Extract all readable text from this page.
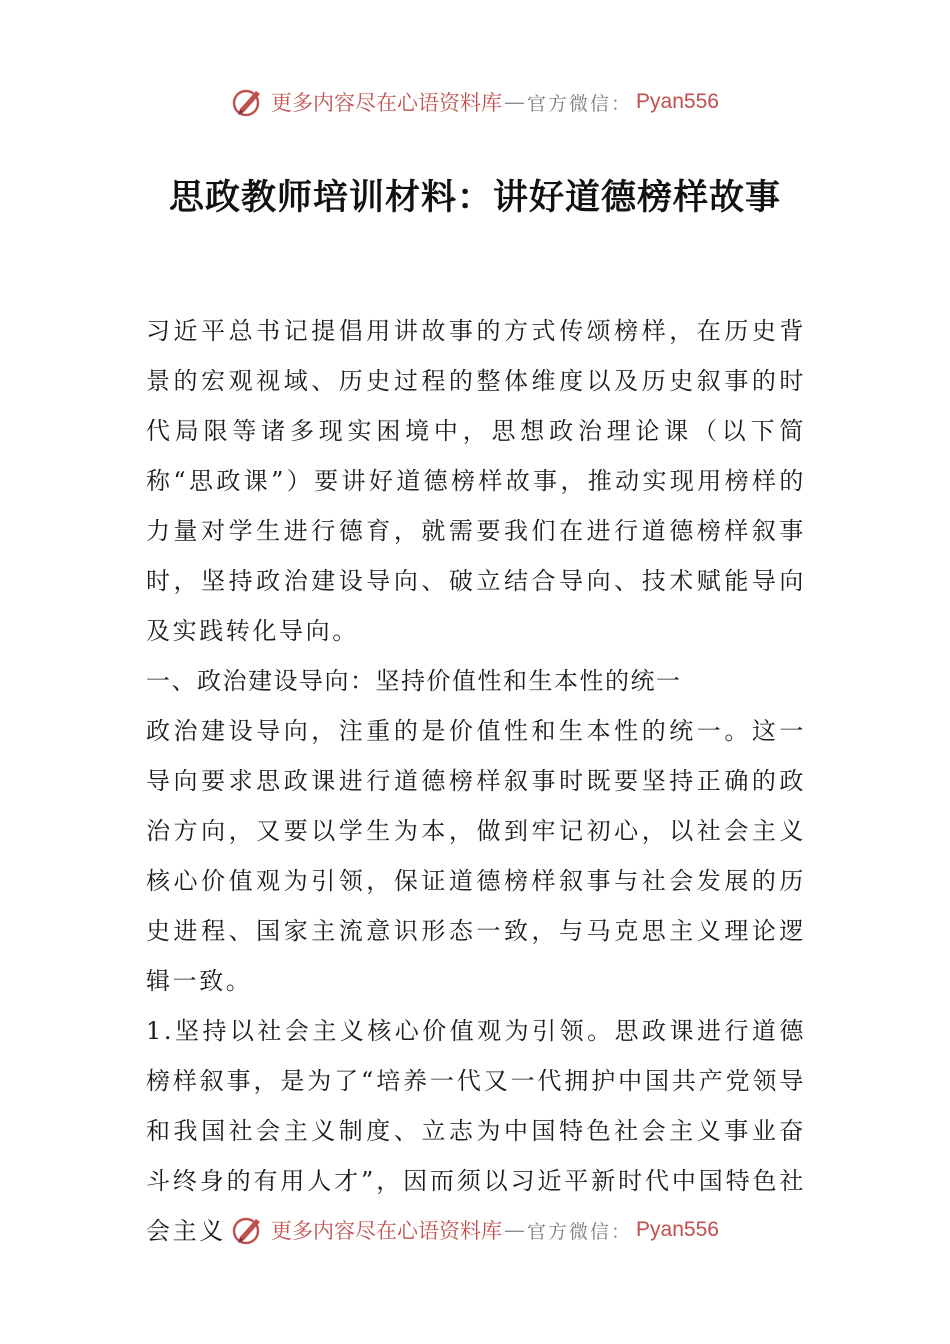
更多内容尽在心语资料库 — 官方微信： Pyan556
思政教师培训材料：讲好道德榜样故事

习近平总书记提倡用讲故事的方式传颂榜样，在历史背景的宏观视域、历史过程的整体维度以及历史叙事的时代局限等诸多现实困境中，思想政治理论课（以下简称“思政课”）要讲好道德榜样故事，推动实现用榜样的力量对学生进行德育，就需要我们在进行道德榜样叙事时，坚持政治建设导向、破立结合导向、技术赋能导向及实践转化导向。

一、政治建设导向：坚持价值性和生本性的统一

政治建设导向，注重的是价值性和生本性的统一。这一导向要求思政课进行道德榜样叙事时既要坚持正确的政治方向，又要以学生为本，做到牢记初心，以社会主义核心价值观为引领，保证道德榜样叙事与社会发展的历史进程、国家主流意识形态一致，与马克思主义理论逻辑一致。

1.坚持以社会主义核心价值观为引领。思政课进行道德榜样叙事，是为了“培养一代又一代拥护中国共产党领导和我国社会主义制度、立志为中国特色社会主义事业奋斗终身的有用人才”，因而须以习近平新时代中国特色社会主义	更多内容尽在心语资料库 — 官方微信： Pyan556
